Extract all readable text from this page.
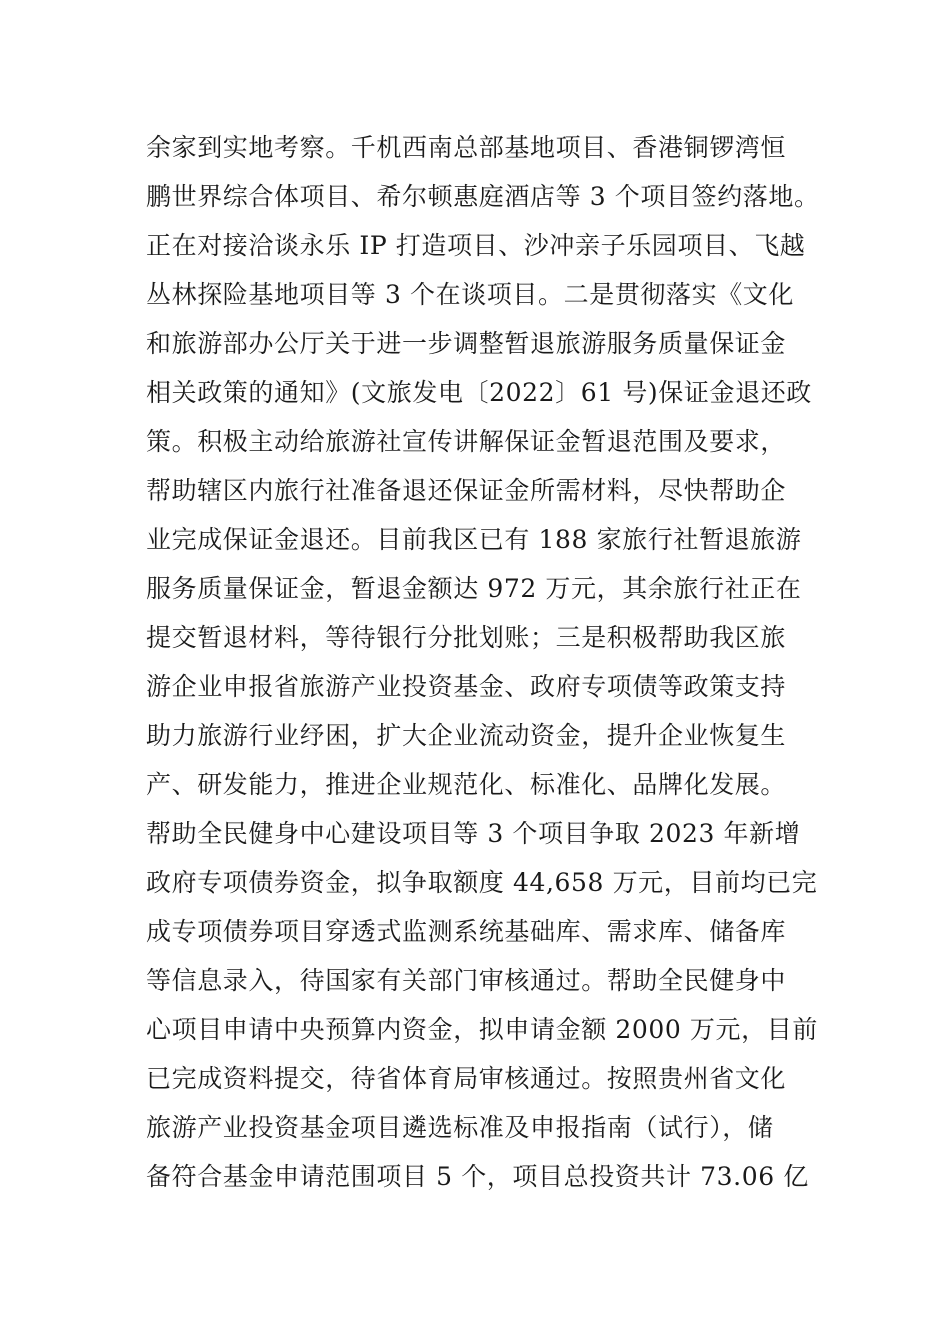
余家到实地考察。千机西南总部基地项目、香港铜锣湾恒
鹏世界综合体项目、希尔顿惠庭酒店等 3 个项目签约落地。
正在对接洽谈永乐 IP 打造项目、沙冲亲子乐园项目、飞越
丛林探险基地项目等 3 个在谈项目。二是贯彻落实《文化
和旅游部办公厅关于进一步调整暂退旅游服务质量保证金
相关政策的通知》(文旅发电〔2022〕61 号)保证金退还政
策。积极主动给旅游社宣传讲解保证金暂退范围及要求，
帮助辖区内旅行社准备退还保证金所需材料，尽快帮助企
业完成保证金退还。目前我区已有 188 家旅行社暂退旅游
服务质量保证金，暂退金额达 972 万元，其余旅行社正在
提交暂退材料，等待银行分批划账；三是积极帮助我区旅
游企业申报省旅游产业投资基金、政府专项债等政策支持
助力旅游行业纾困，扩大企业流动资金，提升企业恢复生
产、研发能力，推进企业规范化、标准化、品牌化发展。
帮助全民健身中心建设项目等 3 个项目争取 2023 年新增
政府专项债券资金，拟争取额度 44,658 万元，目前均已完
成专项债券项目穿透式监测系统基础库、需求库、储备库
等信息录入，待国家有关部门审核通过。帮助全民健身中
心项目申请中央预算内资金，拟申请金额 2000 万元，目前
已完成资料提交，待省体育局审核通过。按照贵州省文化
旅游产业投资基金项目遴选标准及申报指南（试行），储
备符合基金申请范围项目 5 个，项目总投资共计 73.06 亿
